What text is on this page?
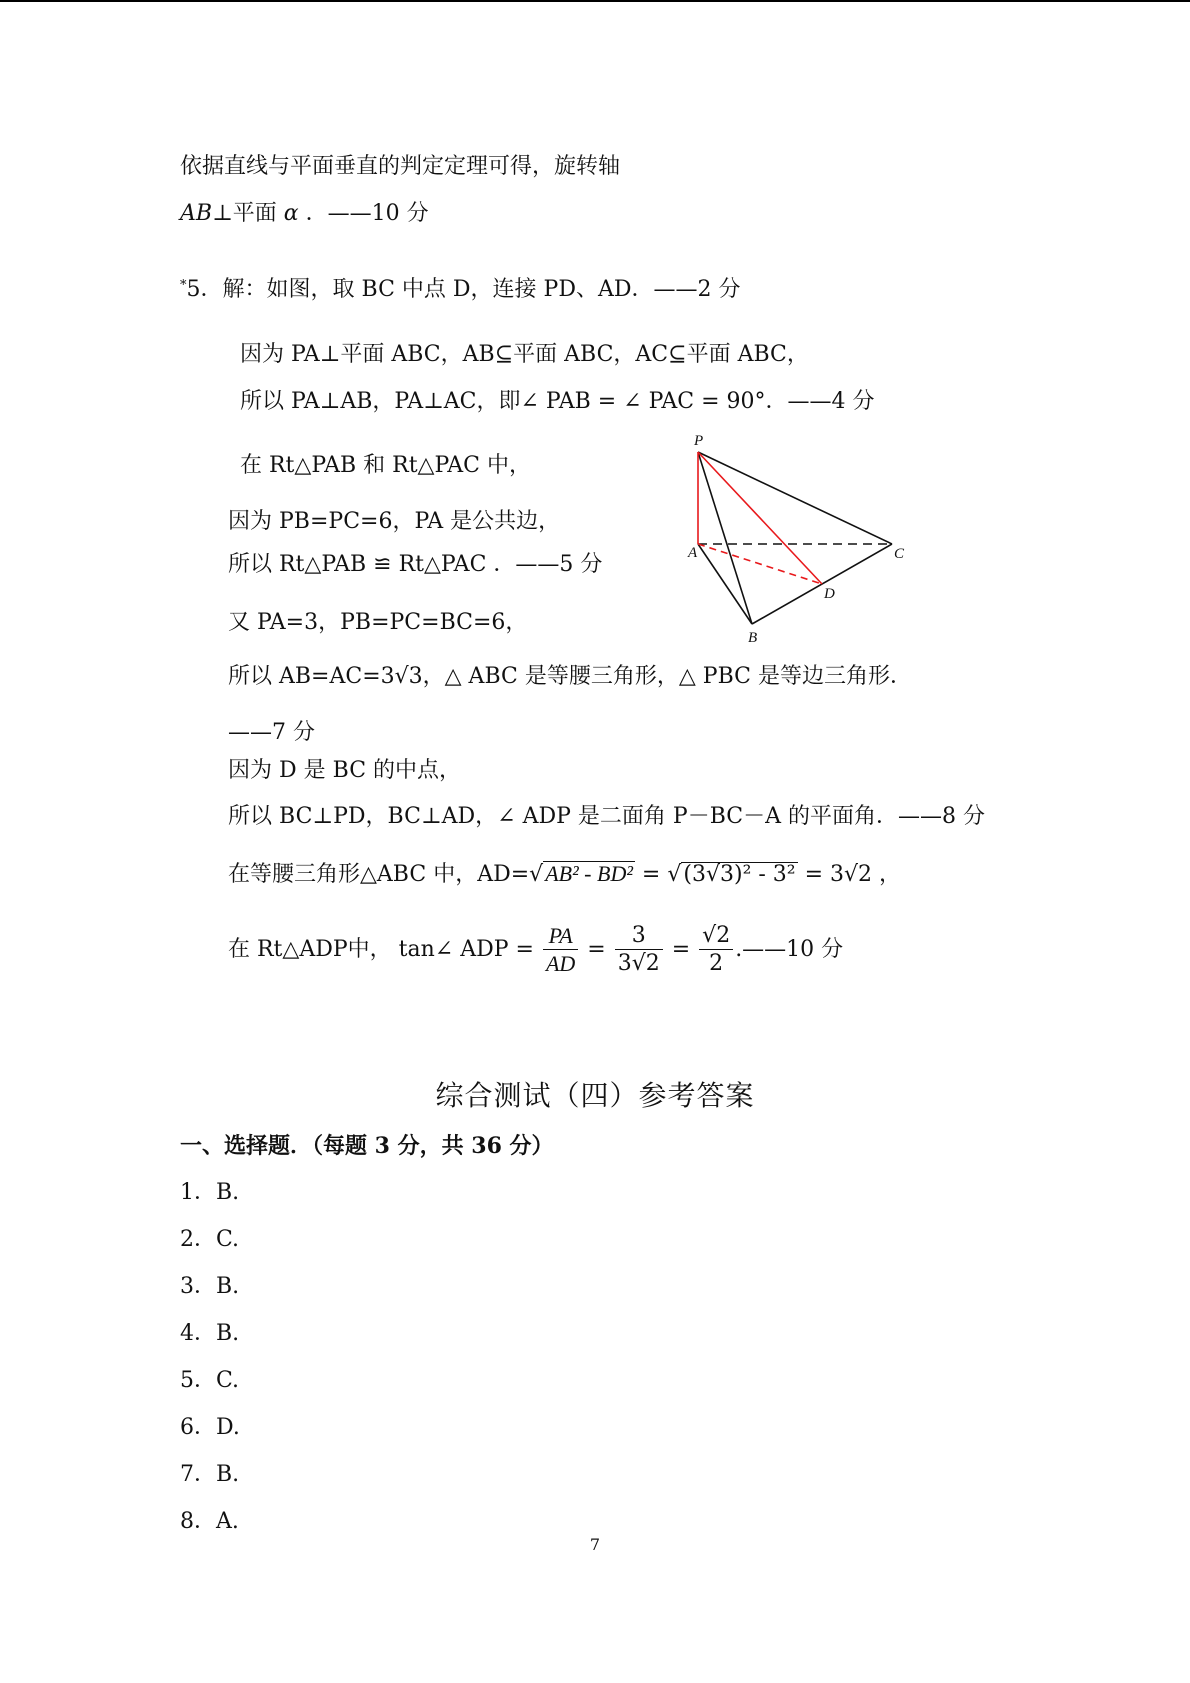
依据直线与平面垂直的判定定理可得，旋转轴
AB⊥平面 α ．——10 分
*5．解：如图，取 BC 中点 D，连接 PD、AD．——2 分
因为 PA⊥平面 ABC，AB⊆平面 ABC，AC⊆平面 ABC，
所以 PA⊥AB，PA⊥AC，即∠ PAB = ∠ PAC = 90°．——4 分
在 Rt△PAB 和 Rt△PAC 中，
因为 PB=PC=6，PA 是公共边，
所以 Rt△PAB ≌ Rt△PAC ．——5 分
又 PA=3，PB=PC=BC=6，
所以 AB=AC=3√3，△ ABC 是等腰三角形，△ PBC 是等边三角形．
——7 分
因为 D 是 BC 的中点，
所以 BC⊥PD，BC⊥AD，∠ ADP 是二面角 P－BC－A 的平面角．——8 分
在等腰三角形△ABC 中，AD=√AB² - BD² = √(3√3)² - 3² = 3√2 ，
在 Rt△ADP中， tan∠ ADP = $\frac{PA}{AD} = \frac{3}{3√2} = \frac{√2}{2}$ .——10 分
P
A
B
C
D
综合测试（四）参考答案
一、选择题．（每题 3 分，共 36 分）
1．B.
2．C.
3．B.
4．B.
5．C.
6．D.
7．B.
8．A.
7
